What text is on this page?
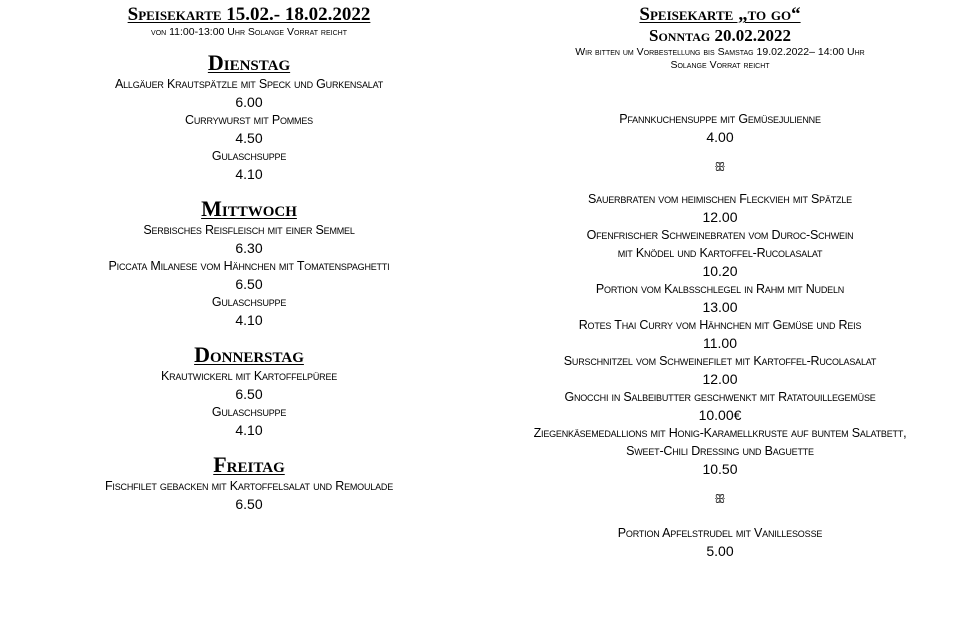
Speisekarte 15.02.- 18.02.2022

von 11:00-13:00 Uhr Solange Vorrat reicht

Dienstag

Allgäuer Krautspätzle mit Speck und Gurkensalat

6.00

Currywurst mit Pommes

4.50

Gulaschsuppe

4.10

Mittwoch

Serbisches Reisfleisch mit einer Semmel

6.30

Piccata Milanese vom Hähnchen mit Tomatenspaghetti

6.50

Gulaschsuppe

4.10

Donnerstag

Krautwickerl mit Kartoffelpüree

6.50

Gulaschsuppe

4.10

Freitag

Fischfilet gebacken mit Kartoffelsalat und Remoulade

6.50

Speisekarte „to go“

Sonntag 20.02.2022

Wir bitten um Vorbestellung bis Samstag 19.02.2022– 14:00 Uhr

Solange Vorrat reicht

Pfannkuchensuppe mit Gemüsejulienne

4.00

ꕥ

Sauerbraten vom heimischen Fleckvieh mit Spätzle

12.00

Ofenfrischer Schweinebraten vom Duroc-Schwein

mit Knödel und Kartoffel-Rucolasalat

10.20

Portion vom Kalbsschlegel in Rahm mit Nudeln

13.00

Rotes Thai Curry vom Hähnchen mit Gemüse und Reis

11.00

Surschnitzel vom Schweinefilet mit Kartoffel-Rucolasalat

12.00

Gnocchi in Salbeibutter geschwenkt mit Ratatouillegemüse

10.00€

Ziegenkäsemedallions mit Honig-Karamellkruste auf buntem Salatbett,

Sweet-Chili Dressing und Baguette

10.50

ꕥ

Portion Apfelstrudel mit Vanillesoße

5.00
